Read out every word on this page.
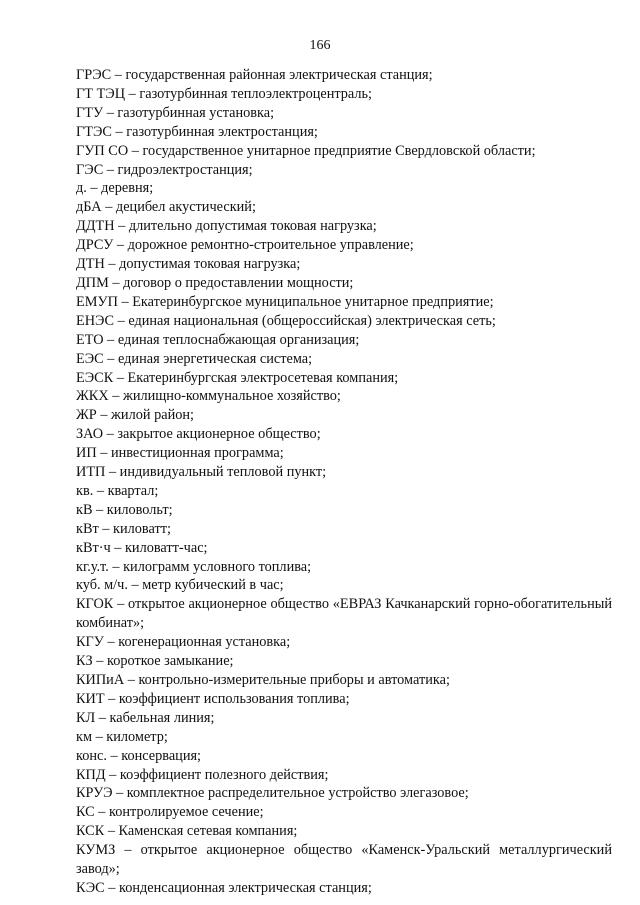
166
ГРЭС – государственная районная электрическая станция;
ГТ ТЭЦ – газотурбинная теплоэлектроцентраль;
ГТУ – газотурбинная установка;
ГТЭС – газотурбинная электростанция;
ГУП СО – государственное унитарное предприятие Свердловской области;
ГЭС – гидроэлектростанция;
д. – деревня;
дБА – децибел акустический;
ДДТН – длительно допустимая токовая нагрузка;
ДРСУ – дорожное ремонтно-строительное управление;
ДТН – допустимая токовая нагрузка;
ДПМ – договор о предоставлении мощности;
ЕМУП – Екатеринбургское муниципальное унитарное предприятие;
ЕНЭС – единая национальная (общероссийская) электрическая сеть;
ЕТО – единая теплоснабжающая организация;
ЕЭС – единая энергетическая система;
ЕЭСК – Екатеринбургская электросетевая компания;
ЖКХ – жилищно-коммунальное хозяйство;
ЖР – жилой район;
ЗАО – закрытое акционерное общество;
ИП – инвестиционная программа;
ИТП – индивидуальный тепловой пункт;
кв. – квартал;
кВ – киловольт;
кВт – киловатт;
кВт·ч – киловатт-час;
кг.у.т. – килограмм условного топлива;
куб. м/ч. – метр кубический в час;
КГОК – открытое акционерное общество «ЕВРАЗ Качканарский горно-обогатительный комбинат»;
КГУ – когенерационная установка;
КЗ – короткое замыкание;
КИПиА – контрольно-измерительные приборы и автоматика;
КИТ – коэффициент использования топлива;
КЛ – кабельная линия;
км – километр;
конс. – консервация;
КПД – коэффициент полезного действия;
КРУЭ – комплектное распределительное устройство элегазовое;
КС – контролируемое сечение;
КСК – Каменская сетевая компания;
КУМЗ – открытое акционерное общество «Каменск-Уральский металлургический завод»;
КЭС – конденсационная электрическая станция;
